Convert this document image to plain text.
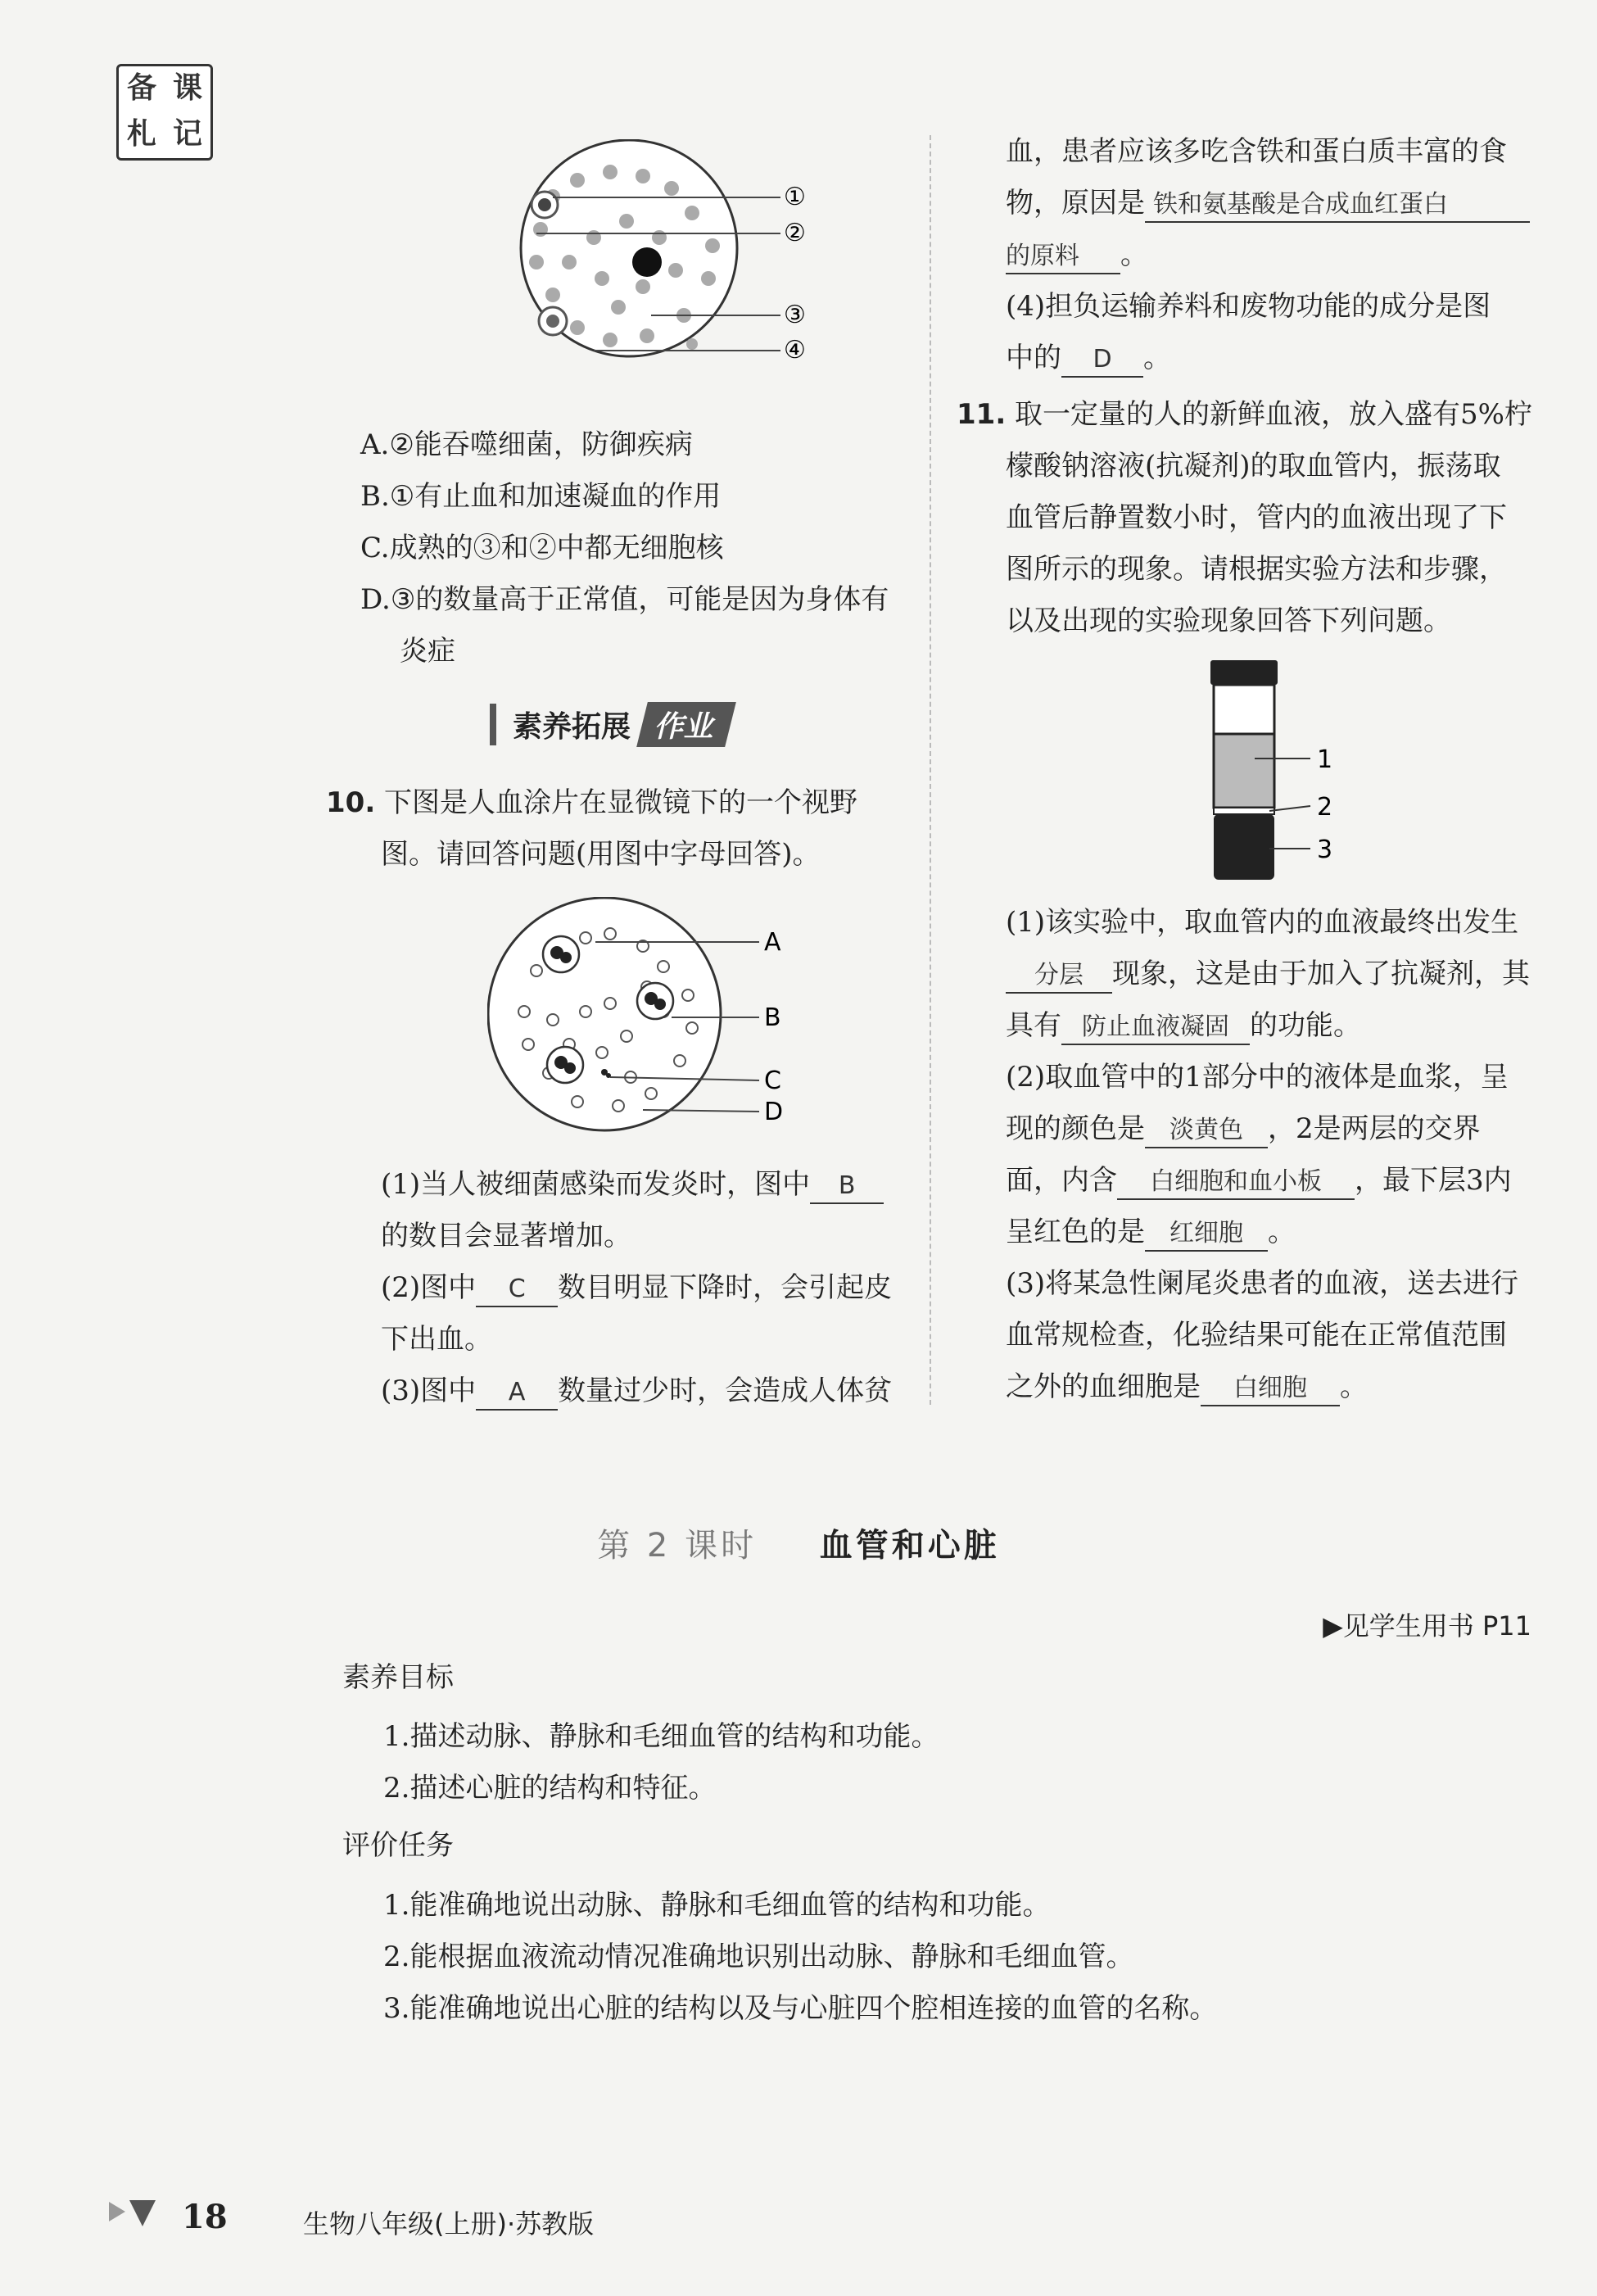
备 课
札 记
①
②
③
④
A.②能吞噬细菌，防御疾病
B.①有止血和加速凝血的作用
C.成熟的③和②中都无细胞核
D.③的数量高于正常值，可能是因为身体有
炎症
素养拓展 作业
10. 下图是人血涂片在显微镜下的一个视野
图。请回答问题(用图中字母回答)。
A
B
C
D
(1)当人被细菌感染而发炎时，图中 B
的数目会显著增加。
(2)图中 C 数目明显下降时，会引起皮
下出血。
(3)图中 A 数量过少时，会造成人体贫
血，患者应该多吃含铁和蛋白质丰富的食
物，原因是 铁和氨基酸是合成血红蛋白
的原料 。
(4)担负运输养料和废物功能的成分是图
中的 D 。
11. 取一定量的人的新鲜血液，放入盛有5%柠
檬酸钠溶液(抗凝剂)的取血管内，振荡取
血管后静置数小时，管内的血液出现了下
图所示的现象。请根据实验方法和步骤，
以及出现的实验现象回答下列问题。
1
2
3
(1)该实验中，取血管内的血液最终出发生
分层 现象，这是由于加入了抗凝剂，其
具有 防止血液凝固 的功能。
(2)取血管中的1部分中的液体是血浆，呈
现的颜色是 淡黄色 ，2是两层的交界
面，内含 白细胞和血小板 ，最下层3内
呈红色的是 红细胞 。
(3)将某急性阑尾炎患者的血液，送去进行
血常规检查，化验结果可能在正常值范围
之外的血细胞是 白细胞 。
第 2 课时 血管和心脏
▶见学生用书 P11
素养目标
1.描述动脉、静脉和毛细血管的结构和功能。
2.描述心脏的结构和特征。
评价任务
1.能准确地说出动脉、静脉和毛细血管的结构和功能。
2.能根据血液流动情况准确地识别出动脉、静脉和毛细血管。
3.能准确地说出心脏的结构以及与心脏四个腔相连接的血管的名称。
18	生物八年级(上册)·苏教版
